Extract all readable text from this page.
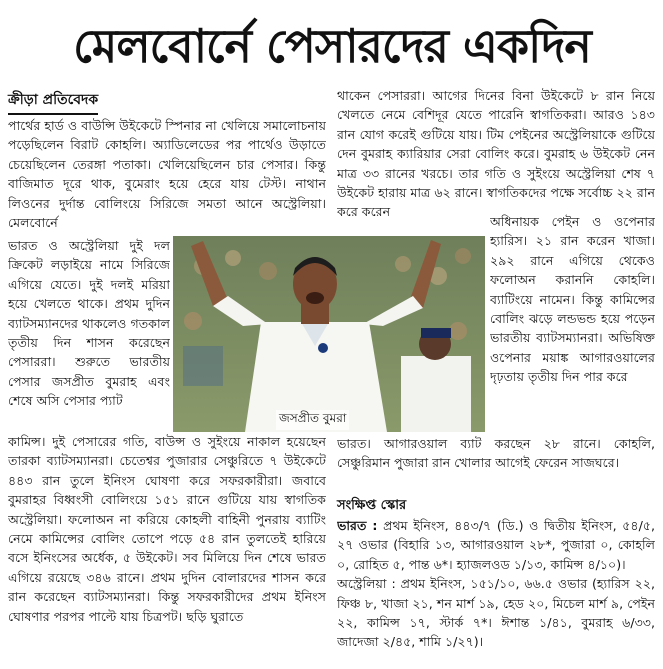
মেলবোর্নে পেসারদের একদিন
ক্রীড়া প্রতিবেদক

পার্থের হার্ড ও বাউন্সি উইকেটে স্পিনার না খেলিয়ে সমালোচনায় পড়েছিলেন বিরাট কোহলি। অ্যাডিলেডের পর পার্থেও উড়াতে চেয়েছিলেন তেরঙ্গা পতাকা। খেলিয়েছিলেন চার পেসার। কিন্তু বাজিমাত দূরে থাক, বুমেরাং হয়ে হেরে যায় টেস্ট। নাথান লিওনের দুর্দান্ত বোলিংয়ে সিরিজে সমতা আনে অস্ট্রেলিয়া। মেলবোর্নে

ভারত ও অস্ট্রেলিয়া দুই দল ক্রিকেট লড়াইয়ে নামে সিরিজে এগিয়ে যেতে। দুই দলই মরিয়া হয়ে খেলতে থাকে। প্রথম দুদিন ব্যাটসম্যানদের থাকলেও গতকাল তৃতীয় দিন শাসন করেছেন পেসাররা। শুরুতে ভারতীয় পেসার জসপ্রীত বুমরাহ এবং শেষে অসি পেসার প্যাট

কামিন্স। দুই পেসারের গতি, বাউন্স ও সুইংয়ে নাকাল হয়েছেন তারকা ব্যাটসম্যানরা। চেতেশ্বর পুজারার সেঞ্চুরিতে ৭ উইকেটে ৪৪৩ রান তুলে ইনিংস ঘোষণা করে সফরকারীরা। জবাবে বুমরাহর বিধ্বংসী বোলিংয়ে ১৫১ রানে গুটিয়ে যায় স্বাগতিক অস্ট্রেলিয়া। ফলোঅন না করিয়ে কোহলী বাহিনী পুনরায় ব্যাটিং নেমে কামিন্সের বোলিং তোপে পড়ে ৫৪ রান তুলতেই হারিয়ে বসে ইনিংসের অর্ধেক, ৫ উইকেট। সব মিলিয়ে দিন শেষে ভারত এগিয়ে রয়েছে ৩৪৬ রানে। প্রথম দুদিন বোলারদের শাসন করে রান করেছেন ব্যাটসম্যানরা। কিন্তু সফরকারীদের প্রথম ইনিংস ঘোষণার পরপর পাল্টে যায় চিত্রপট। ছড়ি ঘুরাতে

থাকেন পেসাররা। আগের দিনের বিনা উইকেটে ৮ রান নিয়ে খেলতে নেমে বেশিদূর যেতে পারেনি স্বাগতিকরা। আরও ১৪৩ রান যোগ করেই গুটিয়ে যায়। টিম পেইনের অস্ট্রেলিয়াকে গুটিয়ে দেন বুমরাহ ক্যারিয়ার সেরা বোলিং করে। বুমরাহ ৬ উইকেট নেন মাত্র ৩৩ রানের খরচে। তার গতি ও সুইংয়ে অস্ট্রেলিয়া শেষ ৭ উইকেট হারায় মাত্র ৬২ রানে। স্বাগতিকদের পক্ষে সর্বোচ্চ ২২ রান করে করেন

অধিনায়ক পেইন ও ওপেনার হ্যারিস। ২১ রান করেন খাজা। ২৯২ রানে এগিয়ে থেকেও ফলোঅন করাননি কোহলি। ব্যাটিংয়ে নামেন। কিন্তু কামিন্সের বোলিং ঝড়ে লন্ডভন্ড হয়ে পড়েন ভারতীয় ব্যাটসম্যানরা। অভিষিক্ত ওপেনার ময়াঙ্ক আগারওয়ালের দৃঢ়তায় তৃতীয় দিন পার করে

ভারত। আগারওয়াল ব্যাট করছেন ২৮ রানে। কোহলি, সেঞ্চুরিমান পুজারা রান খোলার আগেই ফেরেন সাজঘরে।

জসপ্রীত বুমরা
সংক্ষিপ্ত স্কোর
ভারত : প্রথম ইনিংস, ৪৪৩/৭ (ডি.) ও দ্বিতীয় ইনিংস, ৫৪/৫, ২৭ ওভার (বিহারি ১৩, আগারওয়াল ২৮*, পুজারা ০, কোহলি ০, রোহিত ৫, পান্ত ৬*। হ্যাজলওড ১/১৩, কামিন্স ৪/১০)।
অস্ট্রেলিয়া : প্রথম ইনিংস, ১৫১/১০, ৬৬.৫ ওভার (হ্যারিস ২২, ফিঞ্চ ৮, খাজা ২১, শন মার্শ ১৯, হেড ২০, মিচেল মার্শ ৯, পেইন ২২, কামিন্স ১৭, স্টার্ক ৭*। ঈশান্ত ১/৪১, বুমরাহ ৬/৩৩, জাদেজা ২/৪৫, শামি ১/২৭)।
